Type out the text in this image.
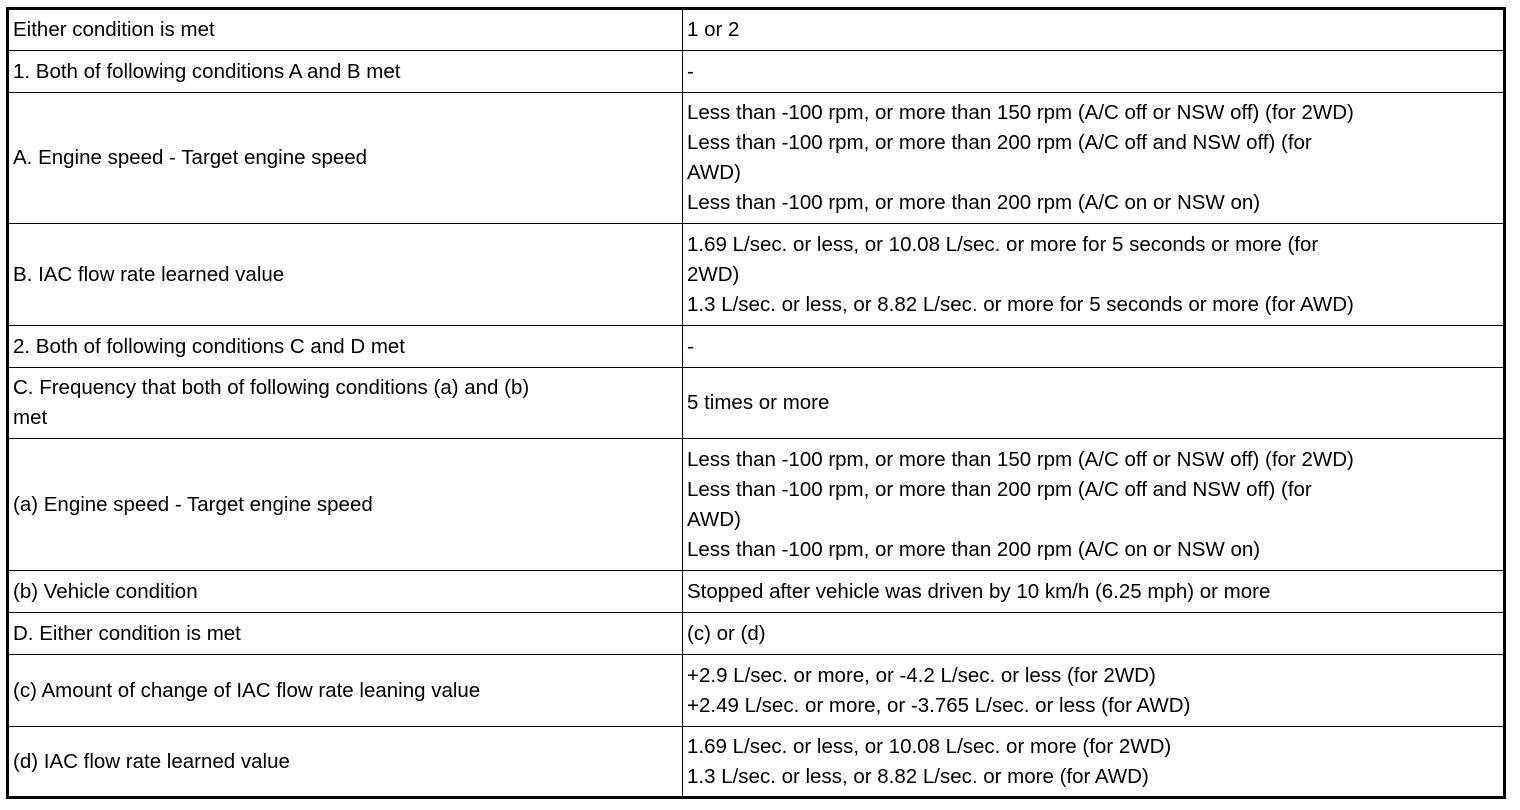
Either condition is met	1 or 2

1. Both of following conditions A and B met	-

A. Engine speed - Target engine speed	Less than -100 rpm, or more than 150 rpm (A/C off or NSW off) (for 2WD)
Less than -100 rpm, or more than 200 rpm (A/C off and NSW off) (for
AWD)
Less than -100 rpm, or more than 200 rpm (A/C on or NSW on)

B. IAC flow rate learned value	1.69 L/sec. or less, or 10.08 L/sec. or more for 5 seconds or more (for
2WD)
1.3 L/sec. or less, or 8.82 L/sec. or more for 5 seconds or more (for AWD)

2. Both of following conditions C and D met	-

C. Frequency that both of following conditions (a) and (b)
met	5 times or more

(a) Engine speed - Target engine speed	Less than -100 rpm, or more than 150 rpm (A/C off or NSW off) (for 2WD)
Less than -100 rpm, or more than 200 rpm (A/C off and NSW off) (for
AWD)
Less than -100 rpm, or more than 200 rpm (A/C on or NSW on)

(b) Vehicle condition	Stopped after vehicle was driven by 10 km/h (6.25 mph) or more

D. Either condition is met	(c) or (d)

(c) Amount of change of IAC flow rate leaning value	+2.9 L/sec. or more, or -4.2 L/sec. or less (for 2WD)
+2.49 L/sec. or more, or -3.765 L/sec. or less (for AWD)

(d) IAC flow rate learned value	1.69 L/sec. or less, or 10.08 L/sec. or more (for 2WD)
1.3 L/sec. or less, or 8.82 L/sec. or more (for AWD)
